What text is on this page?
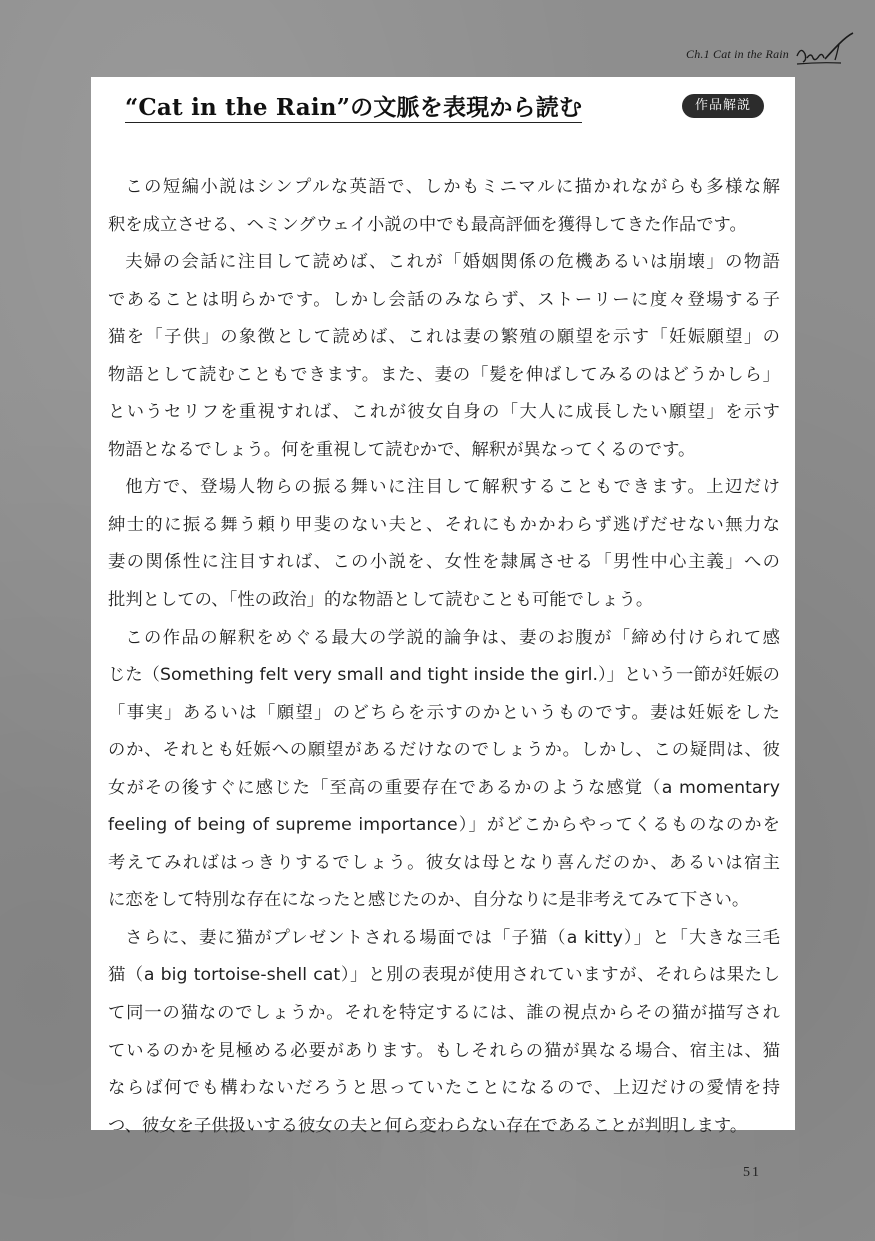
Ch.1 Cat in the Rain
“Cat in the Rain”の文脈を表現から読む	作品解説
この短編小説はシンプルな英語で、しかもミニマルに描かれながらも多様な解
釈を成立させる、ヘミングウェイ小説の中でも最高評価を獲得してきた作品です。
夫婦の会話に注目して読めば、これが「婚姻関係の危機あるいは崩壊」の物語
であることは明らかです。しかし会話のみならず、ストーリーに度々登場する子
猫を「子供」の象徴として読めば、これは妻の繁殖の願望を示す「妊娠願望」の
物語として読むこともできます。また、妻の「髪を伸ばしてみるのはどうかしら」
というセリフを重視すれば、これが彼女自身の「大人に成長したい願望」を示す
物語となるでしょう。何を重視して読むかで、解釈が異なってくるのです。
他方で、登場人物らの振る舞いに注目して解釈することもできます。上辺だけ
紳士的に振る舞う頼り甲斐のない夫と、それにもかかわらず逃げだせない無力な
妻の関係性に注目すれば、この小説を、女性を隷属させる「男性中心主義」への
批判としての、「性の政治」的な物語として読むことも可能でしょう。
この作品の解釈をめぐる最大の学説的論争は、妻のお腹が「締め付けられて感
じた（Something felt very small and tight inside the girl.）」という一節が妊娠の
「事実」あるいは「願望」のどちらを示すのかというものです。妻は妊娠をした
のか、それとも妊娠への願望があるだけなのでしょうか。しかし、この疑問は、彼
女がその後すぐに感じた「至高の重要存在であるかのような感覚（a momentary
feeling of being of supreme importance）」がどこからやってくるものなのかを
考えてみればはっきりするでしょう。彼女は母となり喜んだのか、あるいは宿主
に恋をして特別な存在になったと感じたのか、自分なりに是非考えてみて下さい。
さらに、妻に猫がプレゼントされる場面では「子猫（a kitty）」と「大きな三毛
猫（a big tortoise-shell cat）」と別の表現が使用されていますが、それらは果たし
て同一の猫なのでしょうか。それを特定するには、誰の視点からその猫が描写され
ているのかを見極める必要があります。もしそれらの猫が異なる場合、宿主は、猫
ならば何でも構わないだろうと思っていたことになるので、上辺だけの愛情を持
つ、彼女を子供扱いする彼女の夫と何ら変わらない存在であることが判明します。
51
